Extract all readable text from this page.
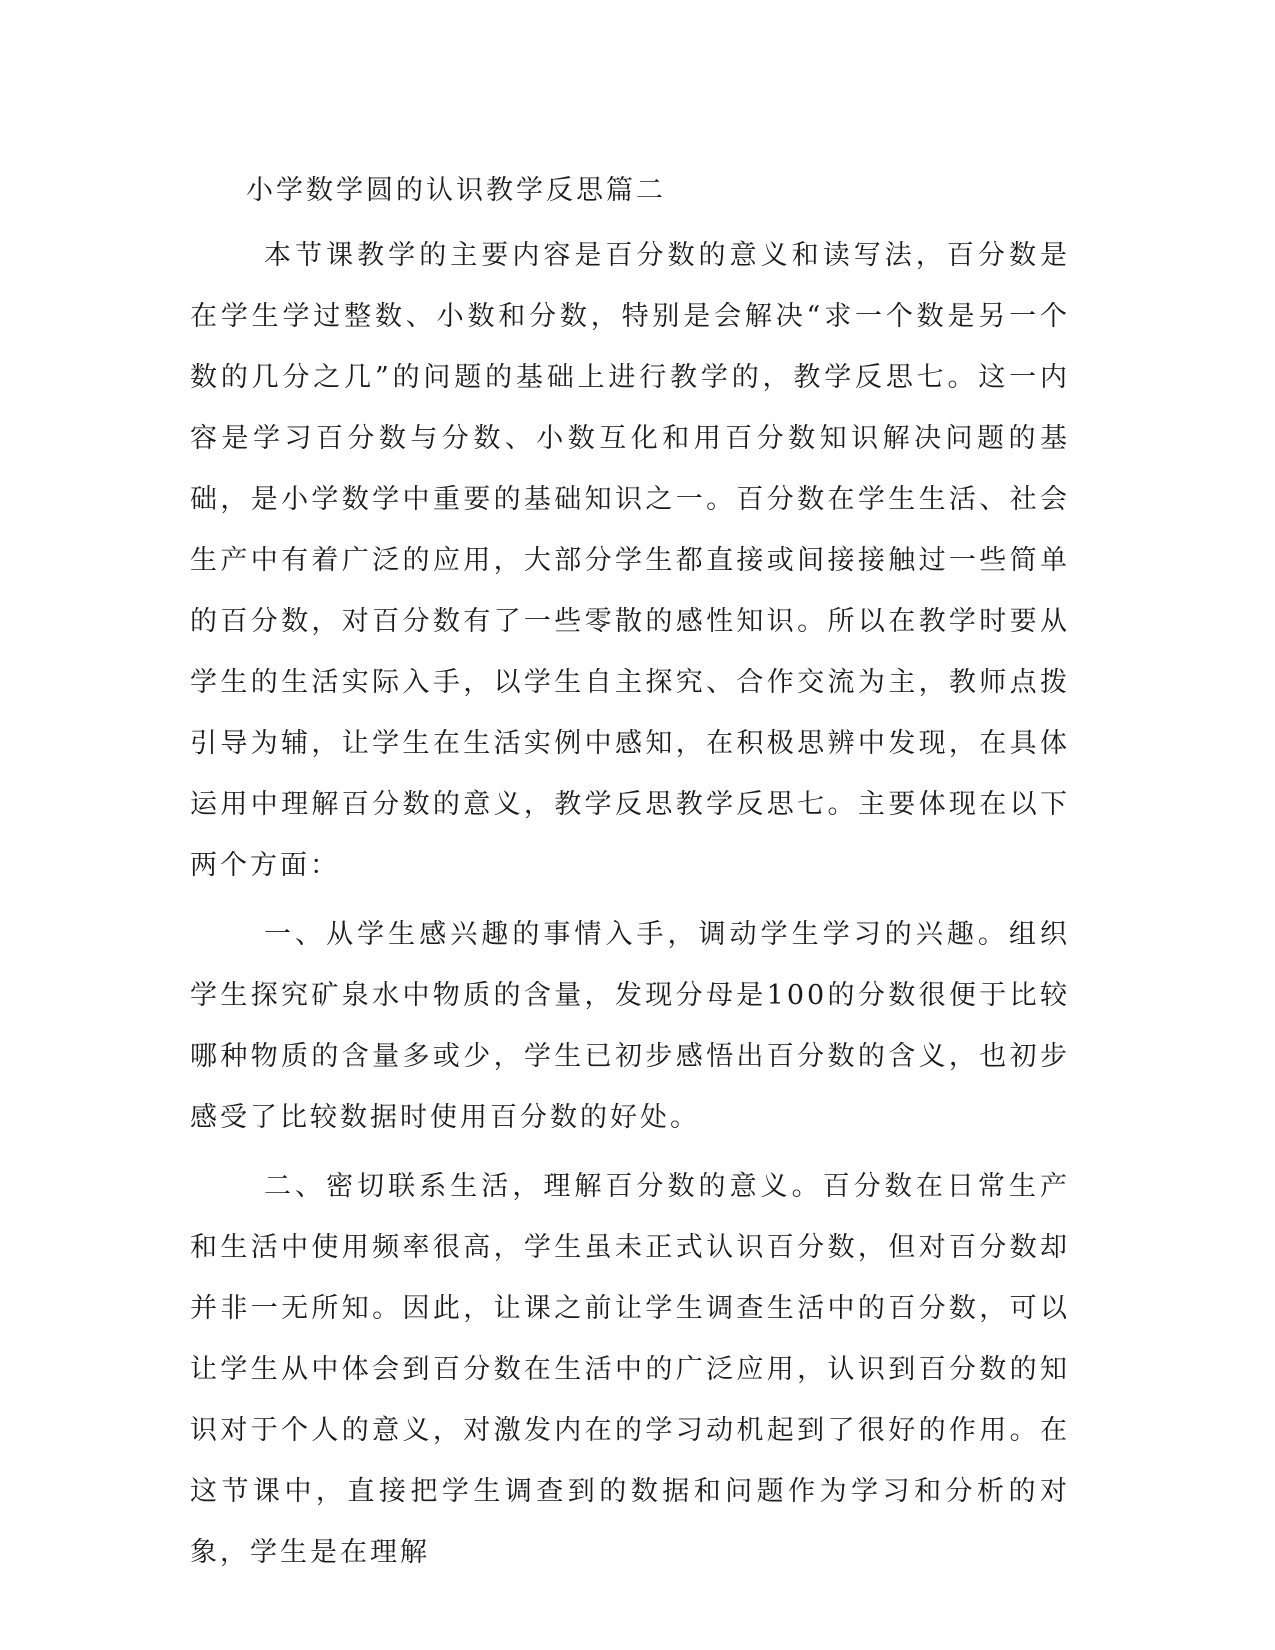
小学数学圆的认识教学反思篇二

本节课教学的主要内容是百分数的意义和读写法，百分数是在学生学过整数、小数和分数，特别是会解决“求一个数是另一个数的几分之几”的问题的基础上进行教学的，教学反思七。这一内容是学习百分数与分数、小数互化和用百分数知识解决问题的基础，是小学数学中重要的基础知识之一。百分数在学生生活、社会生产中有着广泛的应用，大部分学生都直接或间接接触过一些简单的百分数，对百分数有了一些零散的感性知识。所以在教学时要从学生的生活实际入手，以学生自主探究、合作交流为主，教师点拨引导为辅，让学生在生活实例中感知，在积极思辨中发现，在具体运用中理解百分数的意义，教学反思教学反思七。主要体现在以下两个方面：

一、从学生感兴趣的事情入手，调动学生学习的兴趣。组织学生探究矿泉水中物质的含量，发现分母是100的分数很便于比较哪种物质的含量多或少，学生已初步感悟出百分数的含义，也初步感受了比较数据时使用百分数的好处。

二、密切联系生活，理解百分数的意义。百分数在日常生产和生活中使用频率很高，学生虽未正式认识百分数，但对百分数却并非一无所知。因此，让课之前让学生调查生活中的百分数，可以让学生从中体会到百分数在生活中的广泛应用，认识到百分数的知识对于个人的意义，对激发内在的学习动机起到了很好的作用。在这节课中，直接把学生调查到的数据和问题作为学习和分析的对象，学生是在理解
